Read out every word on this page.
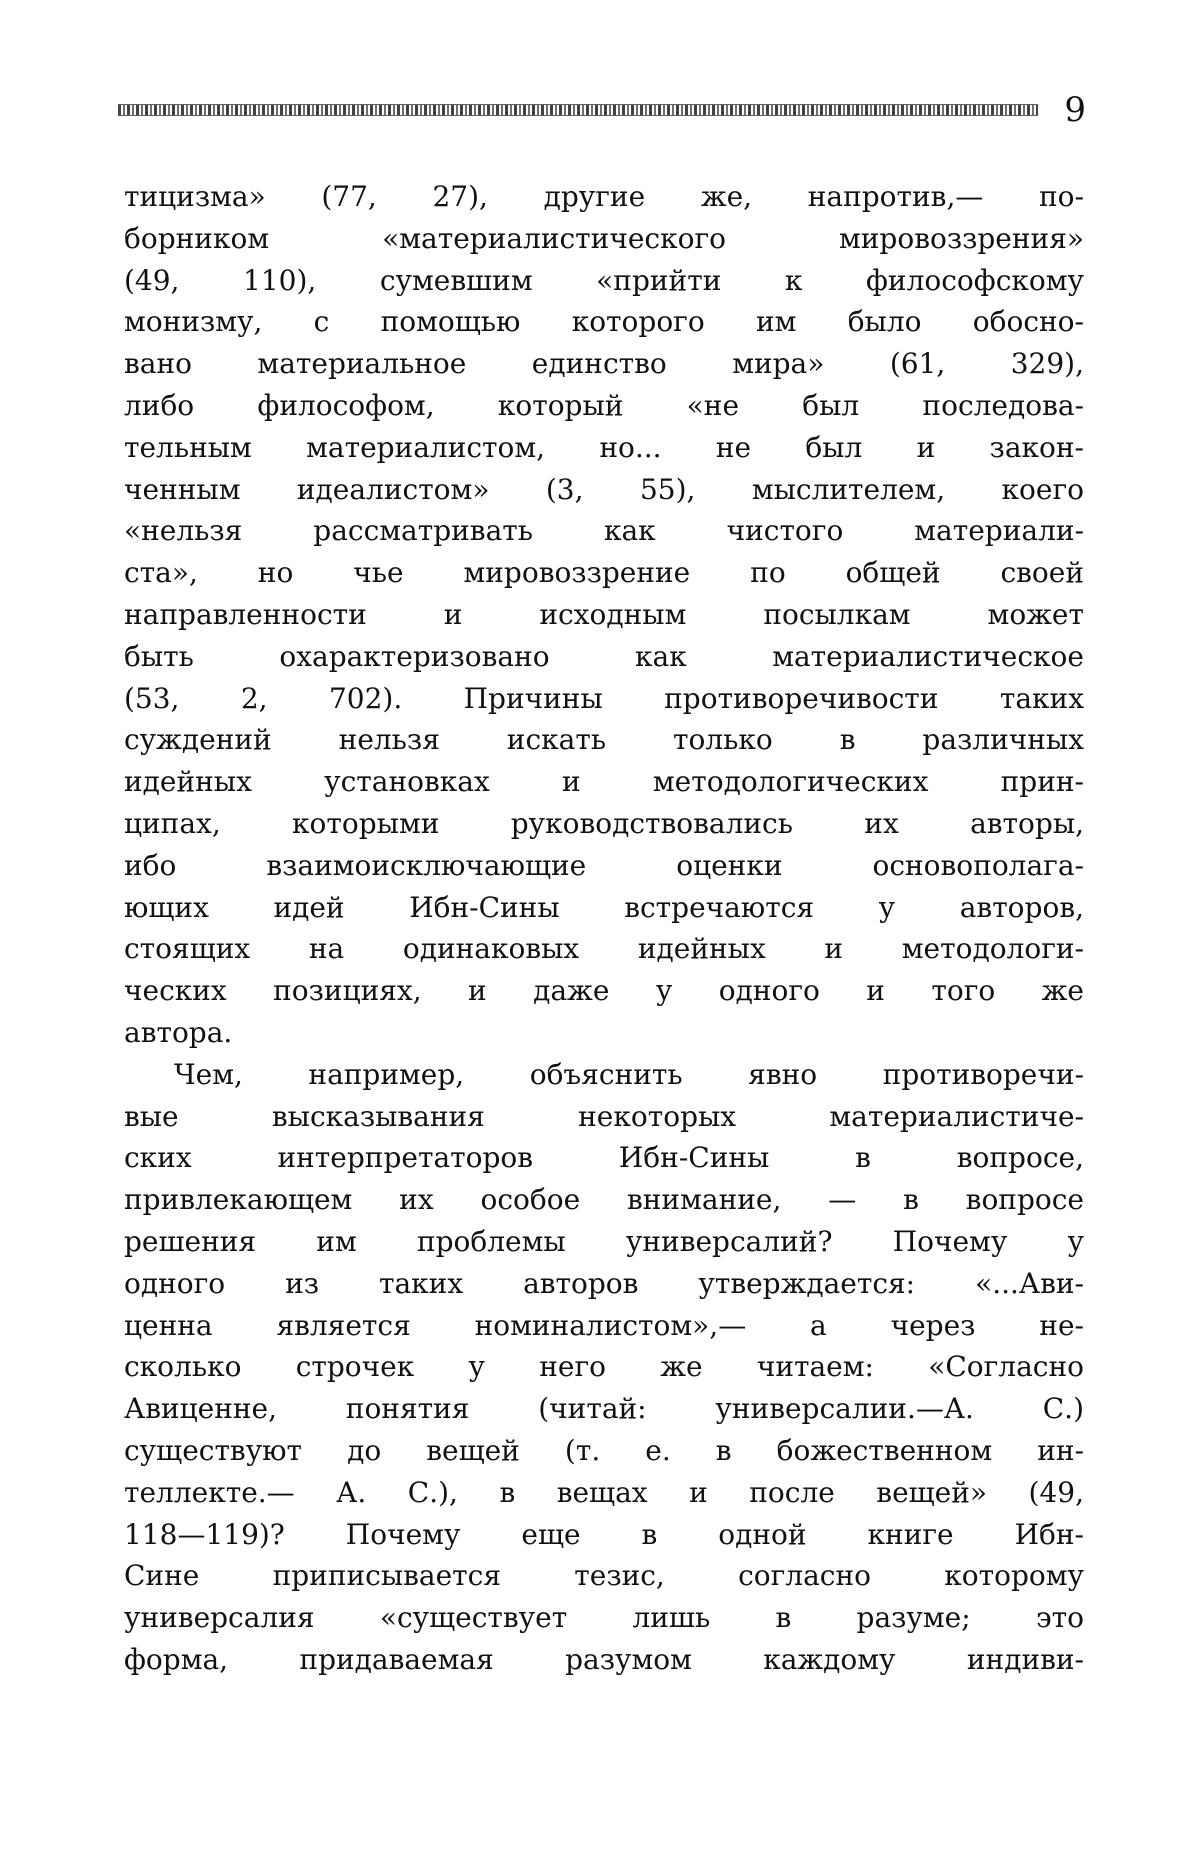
9
тицизма» (77, 27), другие же, напротив,— по-
борником «материалистического мировоззрения»
(49, 110), сумевшим «прийти к философскому
монизму, с помощью которого им было обосно-
вано материальное единство мира» (61, 329),
либо философом, который «не был последова-
тельным материалистом, но... не был и закон-
ченным идеалистом» (3, 55), мыслителем, коего
«нельзя рассматривать как чистого материали-
ста», но чье мировоззрение по общей своей
направленности и исходным посылкам может
быть охарактеризовано как материалистическое
(53, 2, 702). Причины противоречивости таких
суждений нельзя искать только в различных
идейных установках и методологических прин-
ципах, которыми руководствовались их авторы,
ибо взаимоисключающие оценки основополага-
ющих идей Ибн-Сины встречаются у авторов,
стоящих на одинаковых идейных и методологи-
ческих позициях, и даже у одного и того же
автора.
Чем, например, объяснить явно противоречи-
вые высказывания некоторых материалистиче-
ских интерпретаторов Ибн-Сины в вопросе,
привлекающем их особое внимание, — в вопросе
решения им проблемы универсалий? Почему у
одного из таких авторов утверждается: «...Ави-
ценна является номиналистом»,— а через не-
сколько строчек у него же читаем: «Согласно
Авиценне, понятия (читай: универсалии.—А. С.)
существуют до вещей (т. е. в божественном ин-
теллекте.— А. С.), в вещах и после вещей» (49,
118—119)? Почему еще в одной книге Ибн-
Сине приписывается тезис, согласно которому
универсалия «существует лишь в разуме; это
форма, придаваемая разумом каждому индиви-
